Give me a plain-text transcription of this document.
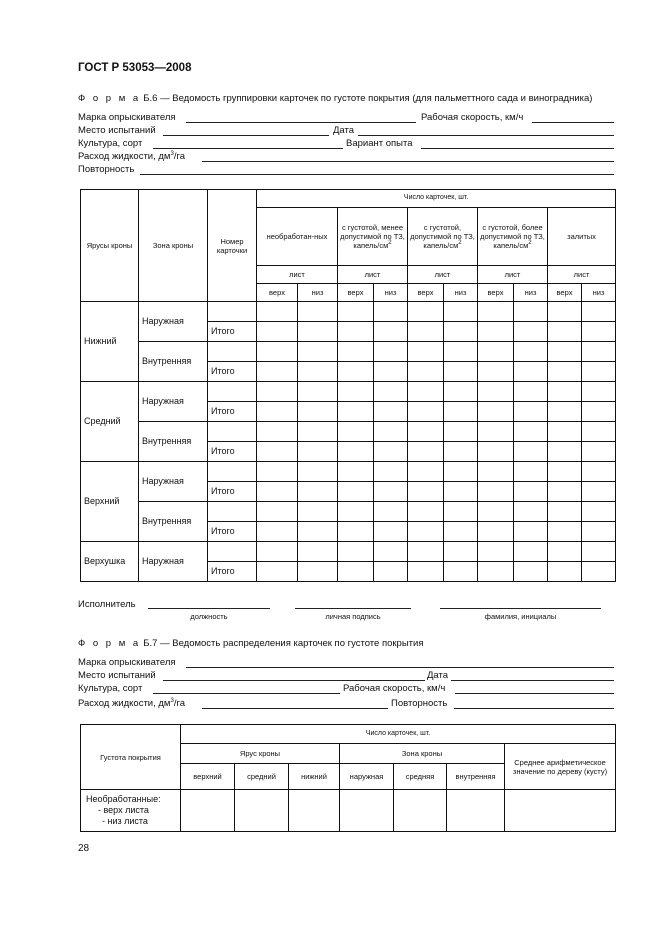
ГОСТ Р 53053—2008
Ф о р м а Б.6 — Ведомость группировки карточек по густоте покрытия (для пальметтного сада и виноградника)
Марка опрыскивателя	Рабочая скорость, км/ч
Место испытаний	Дата
Культура, сорт	Вариант опыта
Расход жидкости, $дм^3/га$
Повторность
Ярусы кроны	Зона кроны	Номер карточки	Число карточек, шт.									
			необработан-ных		с густотой, менее допустимой по ТЗ, капель/$см^2$		с густотой, допустимой по ТЗ, капель/$см^2$		с густотой, более допустимой по ТЗ, капель/$см^2$		залитых	
			лист		лист		лист		лист		лист	
			верх	низ	верх	низ	верх	низ	верх	низ	верх	низ
Нижний	Наружная											
		Итого										
	Внутренняя											
		Итого										
Средний	Наружная											
		Итого										
	Внутренняя											
		Итого										
Верхний	Наружная											
		Итого										
	Внутренняя											
		Итого										
Верхушка	Наружная											
		Итого										
Исполнитель
должность	личная подпись	фамилия, инициалы
Ф о р м а Б.7 — Ведомость распределения карточек по густоте покрытия
Марка опрыскивателя
Место испытаний	Дата
Культура, сорт	Рабочая скорость, км/ч
Расход жидкости, $дм^3/га$	Повторность
Густота покрытия	Число карточек, шт.						
	Ярус кроны			Зона кроны			Среднее арифметическое значение по дереву (кусту)
	верхний	средний	нижний	наружная	средняя	внутренняя	

Необработанные:
- верх листа
- низ листа							

28
